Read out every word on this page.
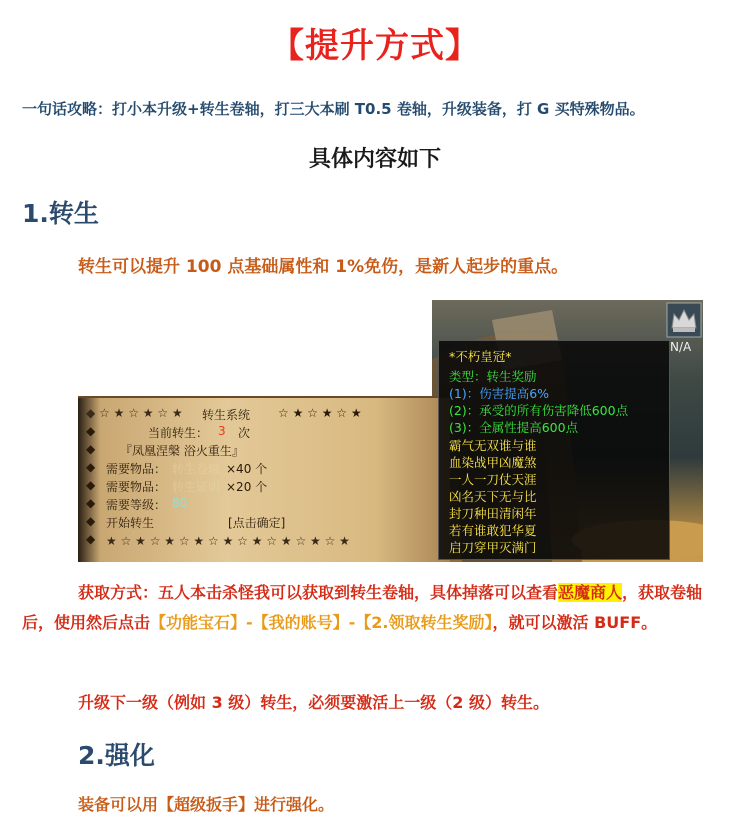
【提升方式】
一句话攻略：打小本升级+转生卷轴，打三大本刷 T0.5 卷轴，升级装备，打 G 买特殊物品。
具体内容如下
1.转生
转生可以提升 100 点基础属性和 1%免伤，是新人起步的重点。
◆ ☆ ★ ☆ ★ ☆ ★ 转生系统 ☆ ★ ☆ ★ ☆ ★
◆	当前转生： 3 次
◆ 『凤凰涅槃 浴火重生』
◆ 需要物品： 转生卷轴 ×40 个
◆ 需要物品： 转生证明 ×20 个
◆ 需要等级： 80
◆ 开始转生	[点击确定]
◆ ★ ☆ ★ ☆ ★ ☆ ★ ☆ ★ ☆ ★ ☆ ★ ☆ ★ ☆ ★
N/A
*不朽皇冠*
类型：转生奖励
(1)：伤害提高6%
(2)：承受的所有伤害降低600点
(3)：全属性提高600点
霸气无双谁与谁
血染战甲凶魔煞
一人一刀仗天涯
凶名天下无与比
封刀种田清闲年
若有谁敢犯华夏
启刀穿甲灭满门
获取方式：五人本击杀怪我可以获取到转生卷轴，具体掉落可以查看恶魔商人，获取卷轴后，使用然后点击【功能宝石】-【我的账号】-【2.领取转生奖励】，就可以激活 BUFF。
升级下一级（例如 3 级）转生，必须要激活上一级（2 级）转生。
2.强化
装备可以用【超级扳手】进行强化。
